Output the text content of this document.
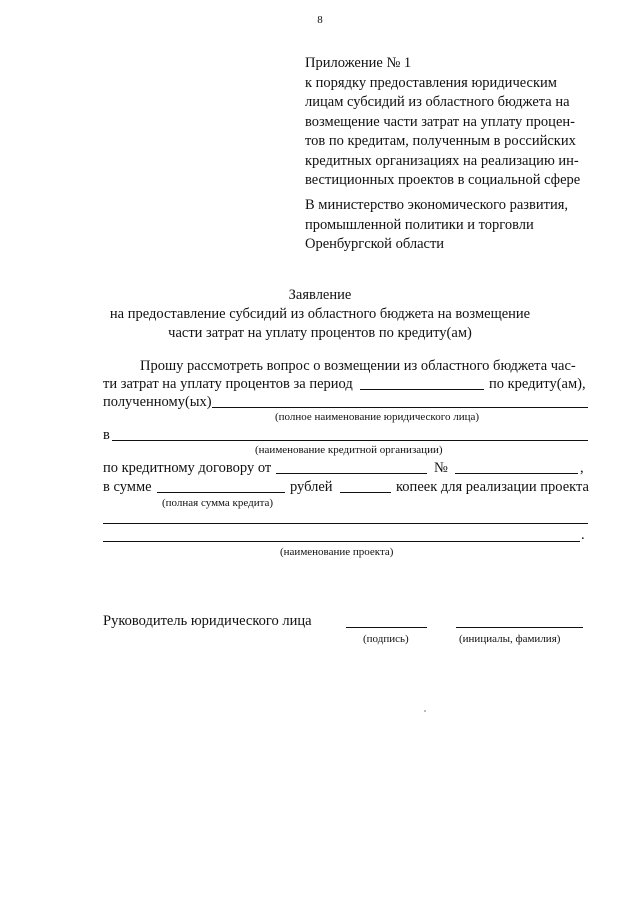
8
Приложение № 1
к порядку предоставления юридическим
лицам субсидий из областного бюджета на
возмещение части затрат на уплату процен-
тов по кредитам, полученным в российских
кредитных организациях на реализацию ин-
вестиционных проектов в социальной сфере
В министерство экономического развития,
промышленной политики и торговли
Оренбургской области
Заявление
на предоставление субсидий из областного бюджета на возмещение
части затрат на уплату процентов по кредиту(ам)
Прошу рассмотреть вопрос о возмещении из областного бюджета час-
ти затрат на уплату процентов за период	по кредиту(ам),
полученному(ых)
(полное наименование юридического лица)
в
(наименование кредитной организации)
по кредитному договору от	№	,
в сумме	рублей	копеек для реализации проекта
(полная сумма кредита)
.
(наименование проекта)
Руководитель юридического лица
(подпись)	(инициалы, фамилия)
